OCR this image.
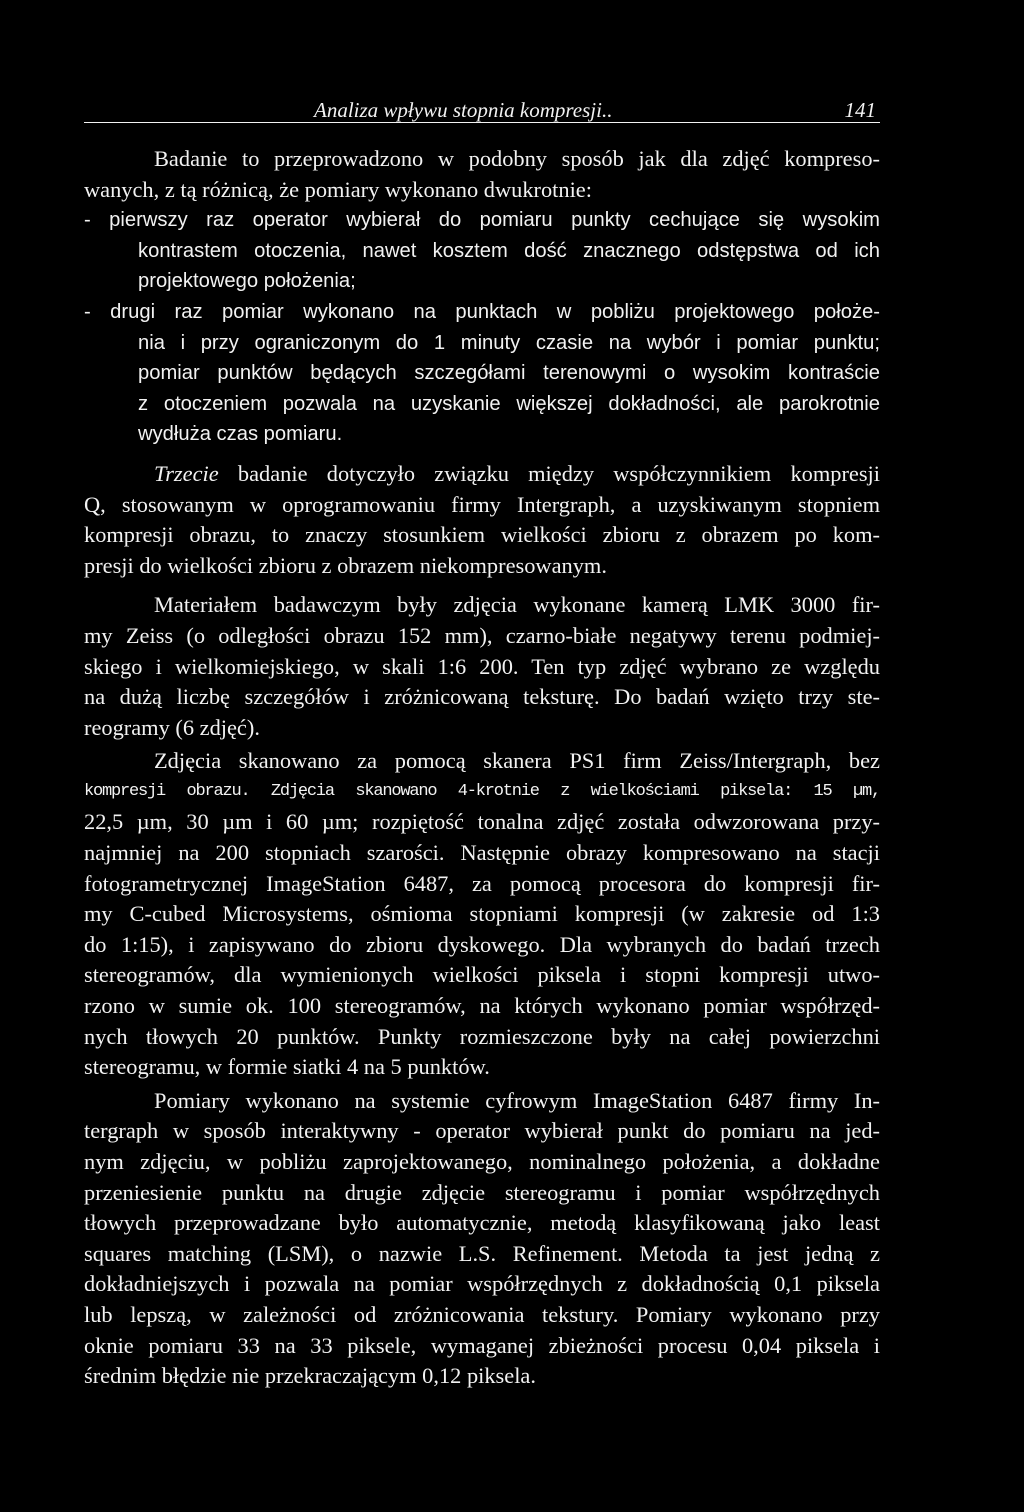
Analiza wpływu stopnia kompresji..	141
Badanie to przeprowadzono w podobny sposób jak dla zdjęć kompreso-
wanych, z tą różnicą, że pomiary wykonano dwukrotnie:
- pierwszy raz operator wybierał do pomiaru punkty cechujące się wysokim
kontrastem otoczenia, nawet kosztem dość znacznego odstępstwa od ich
projektowego położenia;
- drugi raz pomiar wykonano na punktach w pobliżu projektowego położe-
nia i przy ograniczonym do 1 minuty czasie na wybór i pomiar punktu;
pomiar punktów będących szczegółami terenowymi o wysokim kontraście
z otoczeniem pozwala na uzyskanie większej dokładności, ale parokrotnie
wydłuża czas pomiaru.
Trzecie badanie dotyczyło związku między współczynnikiem kompresji
Q, stosowanym w oprogramowaniu firmy Intergraph, a uzyskiwanym stopniem
kompresji obrazu, to znaczy stosunkiem wielkości zbioru z obrazem po kom-
presji do wielkości zbioru z obrazem niekompresowanym.
Materiałem badawczym były zdjęcia wykonane kamerą LMK 3000 fir-
my Zeiss (o odległości obrazu 152 mm), czarno-białe negatywy terenu podmiej-
skiego i wielkomiejskiego, w skali 1:6 200. Ten typ zdjęć wybrano ze względu
na dużą liczbę szczegółów i zróżnicowaną teksturę. Do badań wzięto trzy ste-
reogramy (6 zdjęć).
Zdjęcia skanowano za pomocą skanera PS1 firm Zeiss/Intergraph, bez
kompresji obrazu. Zdjęcia skanowano 4-krotnie z wielkościami piksela: 15 µm,
22,5 µm, 30 µm i 60 µm; rozpiętość tonalna zdjęć została odwzorowana przy-
najmniej na 200 stopniach szarości. Następnie obrazy kompresowano na stacji
fotogrametrycznej ImageStation 6487, za pomocą procesora do kompresji fir-
my C-cubed Microsystems, ośmioma stopniami kompresji (w zakresie od 1:3
do 1:15), i zapisywano do zbioru dyskowego. Dla wybranych do badań trzech
stereogramów, dla wymienionych wielkości piksela i stopni kompresji utwo-
rzono w sumie ok. 100 stereogramów, na których wykonano pomiar współrzęd-
nych tłowych 20 punktów. Punkty rozmieszczone były na całej powierzchni
stereogramu, w formie siatki 4 na 5 punktów.
Pomiary wykonano na systemie cyfrowym ImageStation 6487 firmy In-
tergraph w sposób interaktywny - operator wybierał punkt do pomiaru na jed-
nym zdjęciu, w pobliżu zaprojektowanego, nominalnego położenia, a dokładne
przeniesienie punktu na drugie zdjęcie stereogramu i pomiar współrzędnych
tłowych przeprowadzane było automatycznie, metodą klasyfikowaną jako least
squares matching (LSM), o nazwie L.S. Refinement. Metoda ta jest jedną z
dokładniejszych i pozwala na pomiar współrzędnych z dokładnością 0,1 piksela
lub lepszą, w zależności od zróżnicowania tekstury. Pomiary wykonano przy
oknie pomiaru 33 na 33 piksele, wymaganej zbieżności procesu 0,04 piksela i
średnim błędzie nie przekraczającym 0,12 piksela.
